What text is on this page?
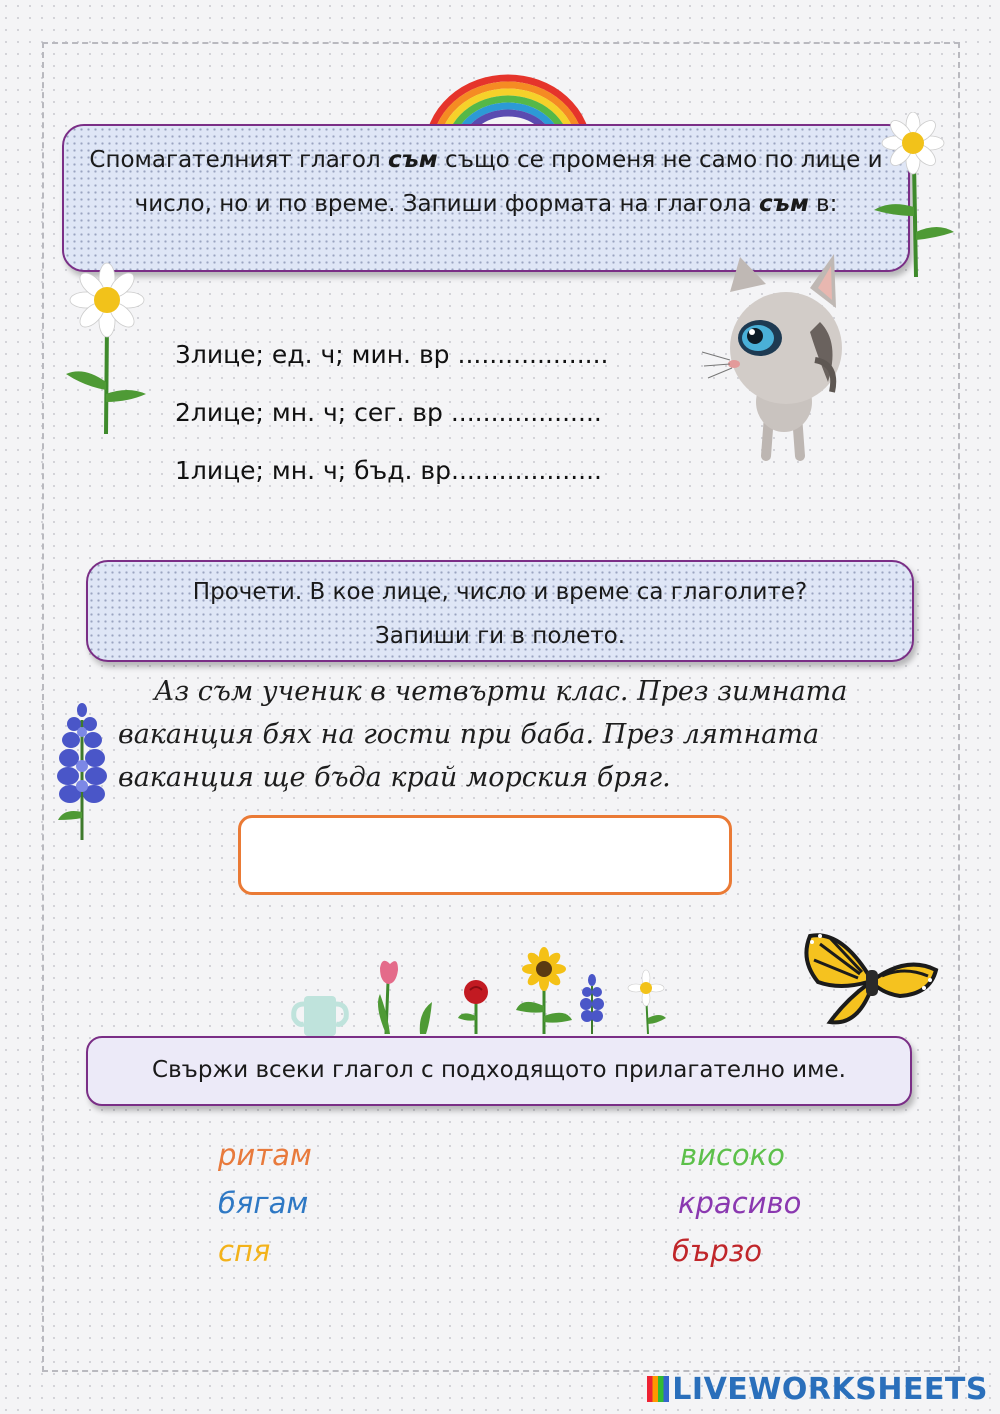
Спомагателният глагол съм също се променя не само по лице и число, но и по време. Запиши формата на глагола съм в:
3лице; ед. ч; мин. вр ...................
2лице; мн. ч; сег. вр ...................
1лице; мн. ч; бъд. вр...................
Прочети. В кое лице, число и време са глаголите?
Запиши ги в полето.
Аз съм ученик в четвърти клас. През зимната
ваканция бях на гости при баба. През лятната
ваканция ще бъда край морския бряг.
Свържи всеки глагол с подходящото прилагателно име.
ритам
бягам
спя
високо
красиво
бързо
LIVEWORKSHEETS
